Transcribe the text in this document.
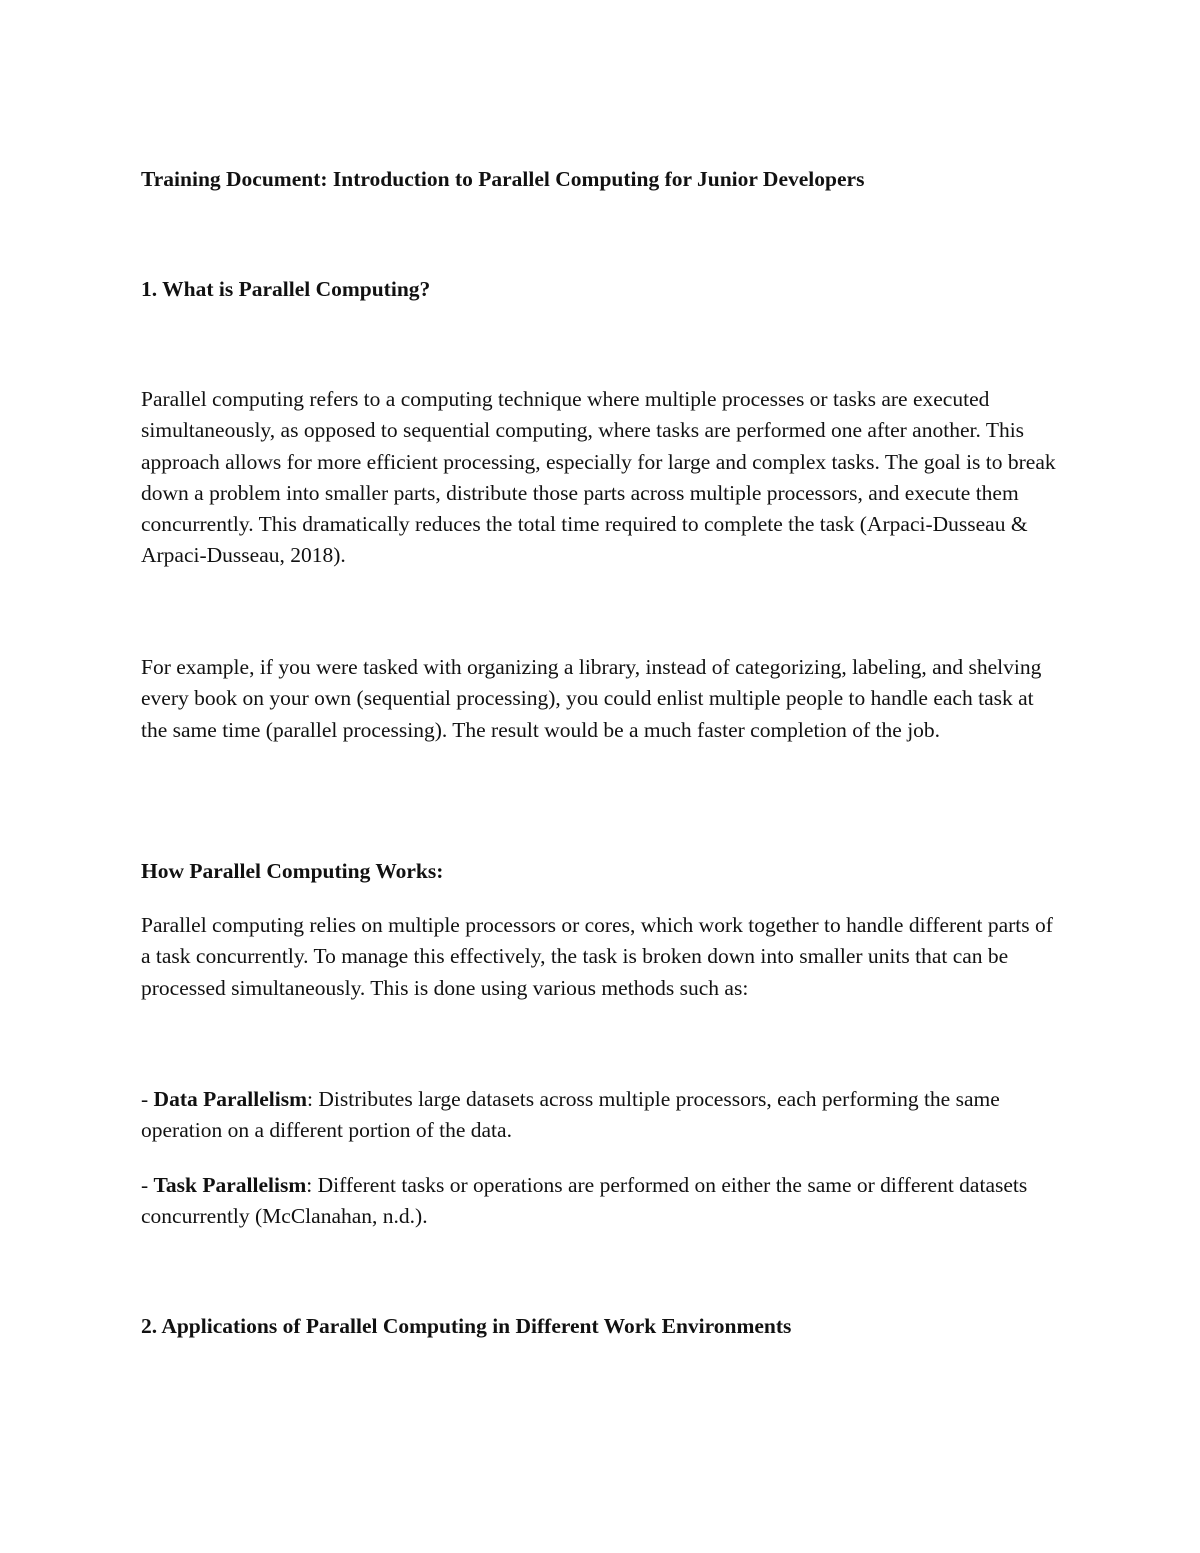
Training Document: Introduction to Parallel Computing for Junior Developers

1. What is Parallel Computing?

Parallel computing refers to a computing technique where multiple processes or tasks are executed simultaneously, as opposed to sequential computing, where tasks are performed one after another. This approach allows for more efficient processing, especially for large and complex tasks. The goal is to break down a problem into smaller parts, distribute those parts across multiple processors, and execute them concurrently. This dramatically reduces the total time required to complete the task (Arpaci-Dusseau & Arpaci-Dusseau, 2018).

For example, if you were tasked with organizing a library, instead of categorizing, labeling, and shelving every book on your own (sequential processing), you could enlist multiple people to handle each task at the same time (parallel processing). The result would be a much faster completion of the job.

How Parallel Computing Works:

Parallel computing relies on multiple processors or cores, which work together to handle different parts of a task concurrently. To manage this effectively, the task is broken down into smaller units that can be processed simultaneously. This is done using various methods such as:

- Data Parallelism: Distributes large datasets across multiple processors, each performing the same operation on a different portion of the data.

- Task Parallelism: Different tasks or operations are performed on either the same or different datasets concurrently (McClanahan, n.d.).

2. Applications of Parallel Computing in Different Work Environments
